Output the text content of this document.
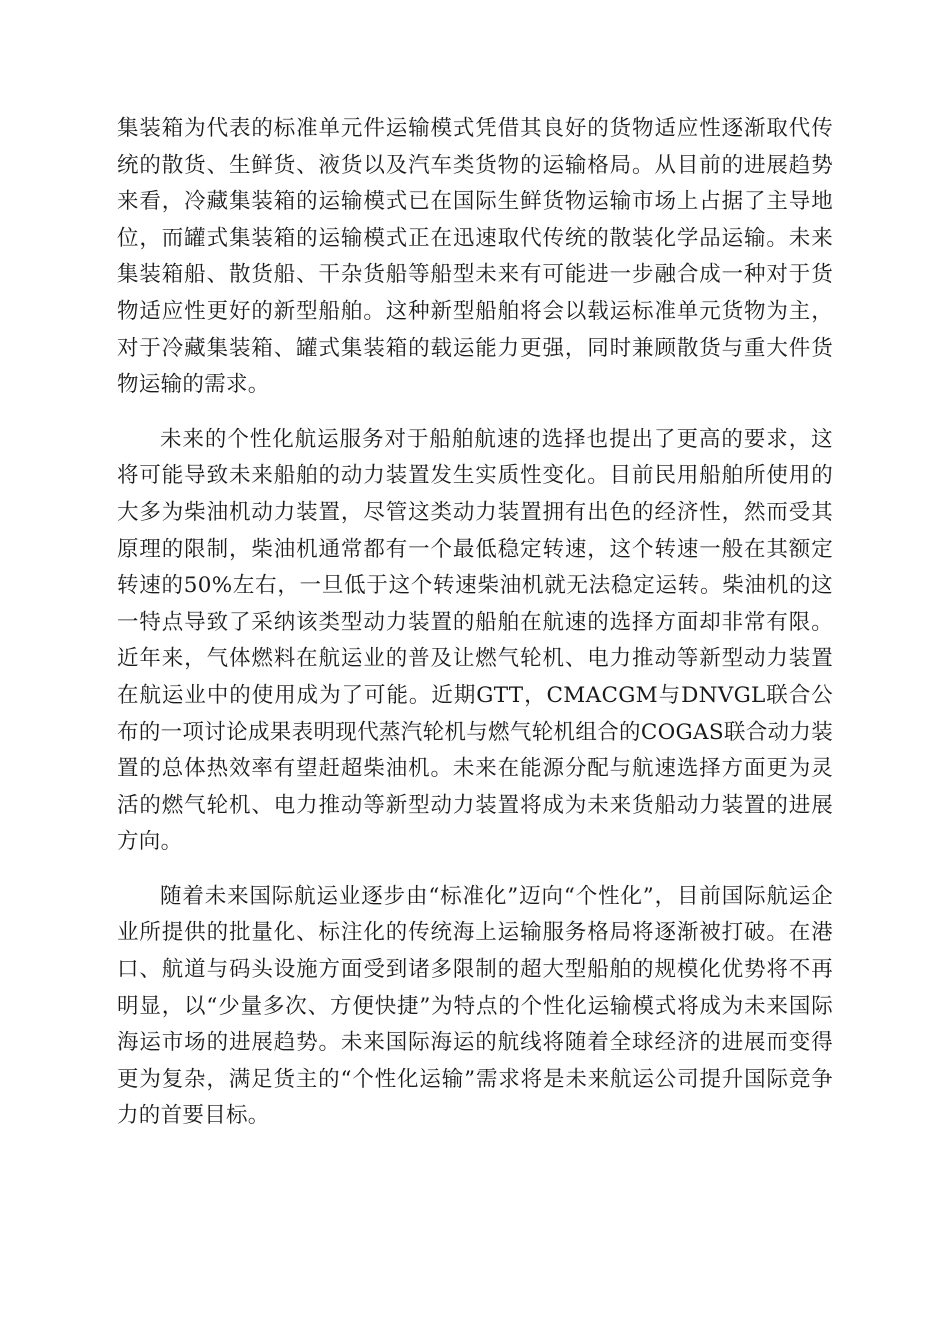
集装箱为代表的标准单元件运输模式凭借其良好的货物适应性逐渐取代传统的散货、生鲜货、液货以及汽车类货物的运输格局。从目前的进展趋势来看，冷藏集装箱的运输模式已在国际生鲜货物运输市场上占据了主导地位，而罐式集装箱的运输模式正在迅速取代传统的散装化学品运输。未来集装箱船、散货船、干杂货船等船型未来有可能进一步融合成一种对于货物适应性更好的新型船舶。这种新型船舶将会以载运标准单元货物为主，对于冷藏集装箱、罐式集装箱的载运能力更强，同时兼顾散货与重大件货物运输的需求。

未来的个性化航运服务对于船舶航速的选择也提出了更高的要求，这将可能导致未来船舶的动力装置发生实质性变化。目前民用船舶所使用的大多为柴油机动力装置，尽管这类动力装置拥有出色的经济性，然而受其原理的限制，柴油机通常都有一个最低稳定转速，这个转速一般在其额定转速的50%左右，一旦低于这个转速柴油机就无法稳定运转。柴油机的这一特点导致了采纳该类型动力装置的船舶在航速的选择方面却非常有限。近年来，气体燃料在航运业的普及让燃气轮机、电力推动等新型动力装置在航运业中的使用成为了可能。近期GTT，CMACGM与DNVGL联合公布的一项讨论成果表明现代蒸汽轮机与燃气轮机组合的COGAS联合动力装置的总体热效率有望赶超柴油机。未来在能源分配与航速选择方面更为灵活的燃气轮机、电力推动等新型动力装置将成为未来货船动力装置的进展方向。

随着未来国际航运业逐步由“标准化”迈向“个性化”，目前国际航运企业所提供的批量化、标注化的传统海上运输服务格局将逐渐被打破。在港口、航道与码头设施方面受到诸多限制的超大型船舶的规模化优势将不再明显，以“少量多次、方便快捷”为特点的个性化运输模式将成为未来国际海运市场的进展趋势。未来国际海运的航线将随着全球经济的进展而变得更为复杂，满足货主的“个性化运输”需求将是未来航运公司提升国际竞争力的首要目标。
